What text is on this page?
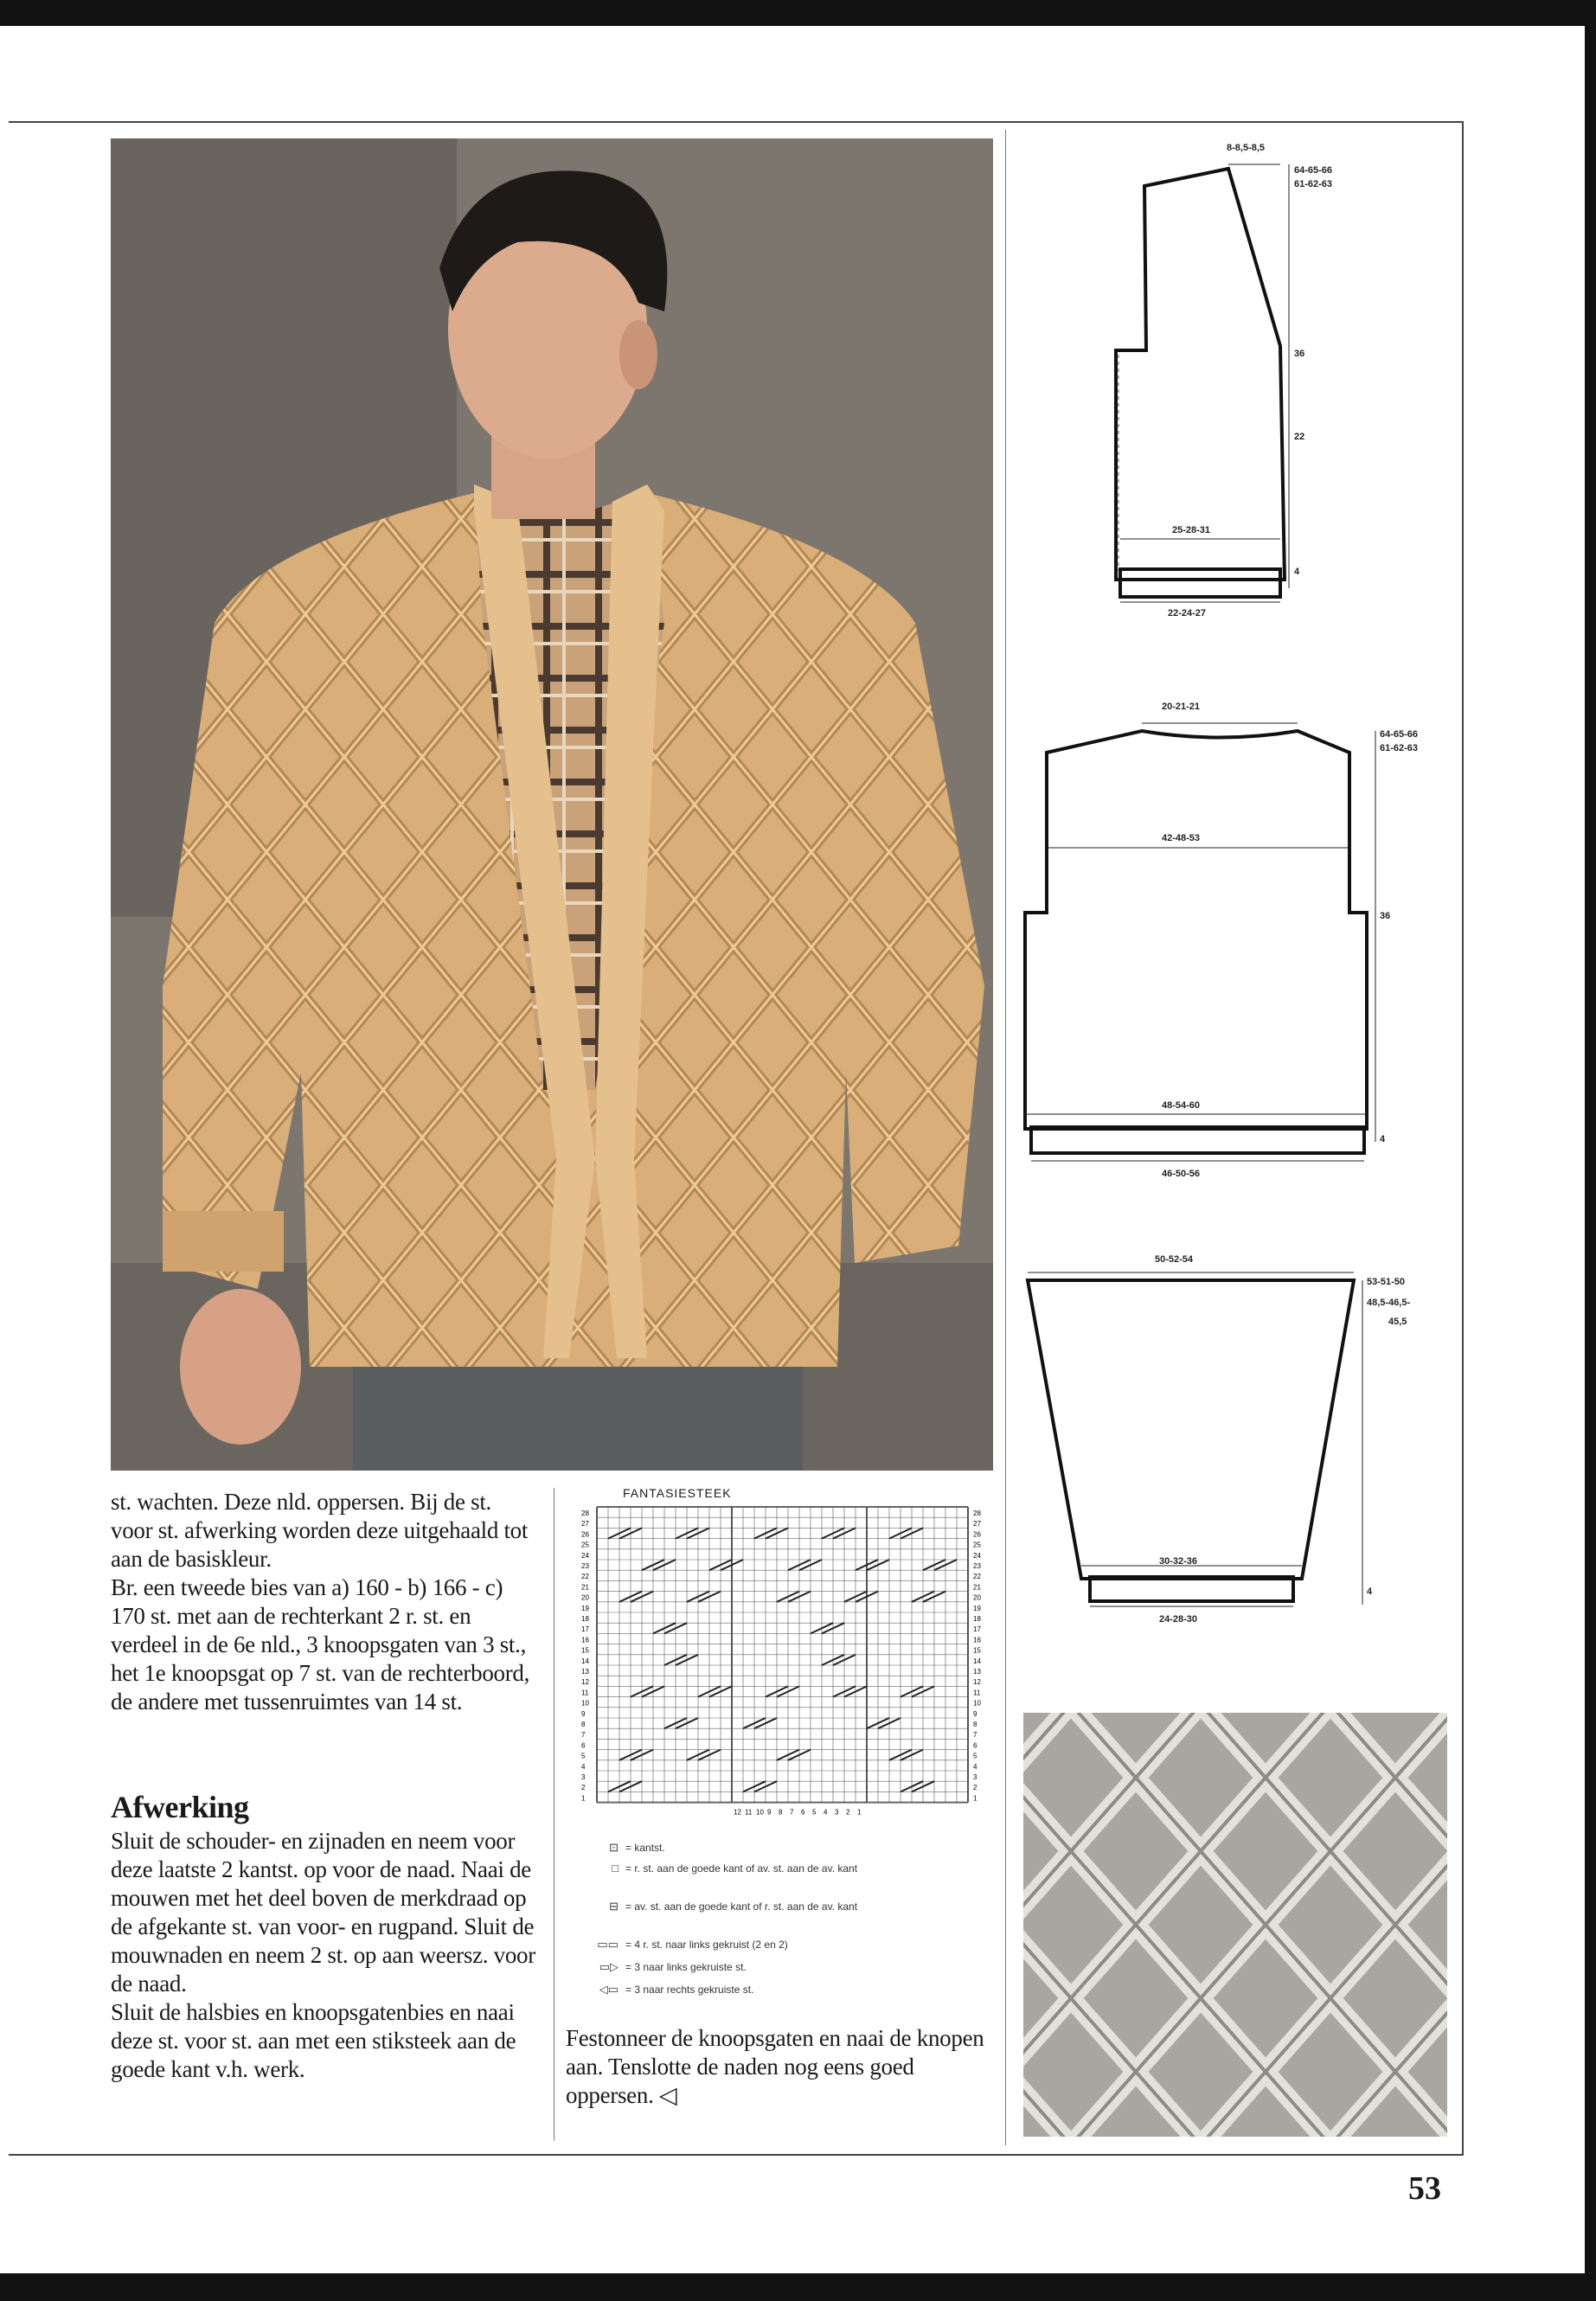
st. wachten. Deze nld. oppersen. Bij de st. voor st. afwerking worden deze uitgehaald tot aan de basiskleur.
Br. een tweede bies van a) 160 - b) 166 - c) 170 st. met aan de rechterkant 2 r. st. en verdeel in de 6e nld., 3 knoopsgaten van 3 st., het 1e knoopsgat op 7 st. van de rechterboord, de andere met tussenruimtes van 14 st.
Afwerking
Sluit de schouder- en zijnaden en neem voor deze laatste 2 kantst. op voor de naad. Naai de mouwen met het deel boven de merkdraad op de afgekante st. van voor- en rugpand. Sluit de mouwnaden en neem 2 st. op aan weersz. voor de naad.
Sluit de halsbies en knoopsgatenbies en naai deze st. voor st. aan met een stiksteek aan de goede kant v.h. werk.
FANTASIESTEEK
28
28
27
27
26
26
25
25
24
24
23
23
22
22
21
21
20
20
19
19
18
18
17
17
16
16
15
15
14
14
13
13
12
12
11
11
10
10
9
9
8
8
7
7
6
6
5
5
4
4
3
3
2
2
1
1
12 11 10 9 8 7 6 5 4 3 2 1
⊡ = kantst.
□ = r. st. aan de goede kant of av. st. aan de av. kant
⊟ = av. st. aan de goede kant of r. st. aan de av. kant
▭▭ = 4 r. st. naar links gekruist (2 en 2)
▭▷ = 3 naar links gekruiste st.
◁▭ = 3 naar rechts gekruiste st.
Festonneer de knoopsgaten en naai de knopen aan. Tenslotte de naden nog eens goed oppersen. ◁
8-8,5-8,5
64-65-66
61-62-63
36
22
25-28-31
4
22-24-27
20-21-21
64-65-66
61-62-63
42-48-53
36
48-54-60
4
46-50-56
50-52-54
53-51-50
48,5-46,5-
45,5
30-32-36
4
24-28-30
53
